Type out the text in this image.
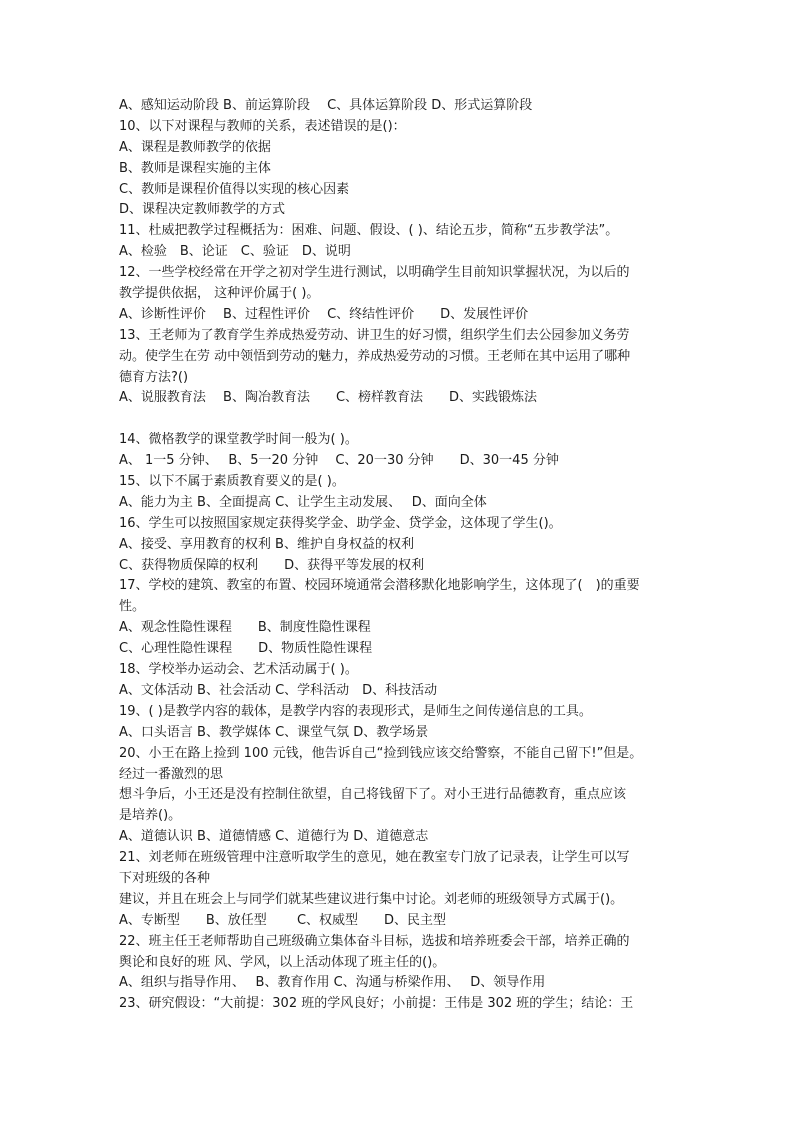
A、感知运动阶段 B、前运算阶段　 C、具体运算阶段 D、形式运算阶段
10、以下对课程与教师的关系，表述错误的是()：
A、课程是教师教学的依据
B、教师是课程实施的主体
C、教师是课程价值得以实现的核心因素
D、课程决定教师教学的方式
11、杜威把教学过程概括为：困难、问题、假设、( )、结论五步，简称“五步教学法”。
A、检验　B、论证　C、验证　D、说明
12、一些学校经常在开学之初对学生进行测试，以明确学生目前知识掌握状况，为以后的
教学提供依据， 这种评价属于( )。
A、诊断性评价　 B、过程性评价　 C、终结性评价　　D、发展性评价
13、王老师为了教育学生养成热爱劳动、讲卫生的好习惯，组织学生们去公园参加义务劳
动。使学生在劳 动中领悟到劳动的魅力，养成热爱劳动的习惯。王老师在其中运用了哪种
德育方法?()
A、说服教育法　 B、陶冶教育法　　C、榜样教育法　　D、实践锻炼法
14、微格教学的课堂教学时间一般为( )。
A、 1一5 分钟、　 B、5一20 分钟　 C、20一30 分钟　　D、30一45 分钟
15、以下不属于素质教育要义的是( )。
A、能力为主 B、全面提高 C、让学生主动发展、　 D、面向全体
16、学生可以按照国家规定获得奖学金、助学金、贷学金，这体现了学生()。
A、接受、享用教育的权利 B、维护自身权益的权利
C、获得物质保障的权利　　D、获得平等发展的权利
17、学校的建筑、教室的布置、校园环境通常会潜移默化地影响学生，这体现了(　)的重要
性。
A、观念性隐性课程　　B、制度性隐性课程
C、心理性隐性课程　　D、物质性隐性课程
18、学校举办运动会、艺术活动属于( )。
A、文体活动 B、社会活动 C、学科活动　D、科技活动
19、( )是教学内容的载体，是教学内容的表现形式，是师生之间传递信息的工具。
A、口头语言 B、教学媒体 C、课堂气氛 D、教学场景
20、小王在路上捡到 100 元钱，他告诉自己“捡到钱应该交给警察，不能自己留下!”但是。
经过一番激烈的思
想斗争后，小王还是没有控制住欲望，自己将钱留下了。对小王进行品德教育，重点应该
是培养()。
A、道德认识 B、道德情感 C、道德行为 D、道德意志
21、刘老师在班级管理中注意听取学生的意见，她在教室专门放了记录表，让学生可以写
下对班级的各种
建议，并且在班会上与同学们就某些建议进行集中讨论。刘老师的班级领导方式属于()。
A、专断型　　B、放任型　　 C、权威型　　D、民主型
22、班主任王老师帮助自己班级确立集体奋斗目标，选拔和培养班委会干部，培养正确的
舆论和良好的班 风、学风，以上活动体现了班主任的()。
A、组织与指导作用、　 B、教育作用 C、沟通与桥梁作用、　 D、领导作用
23、研究假设：“大前提：302 班的学风良好；小前提：王伟是 302 班的学生；结论：王
